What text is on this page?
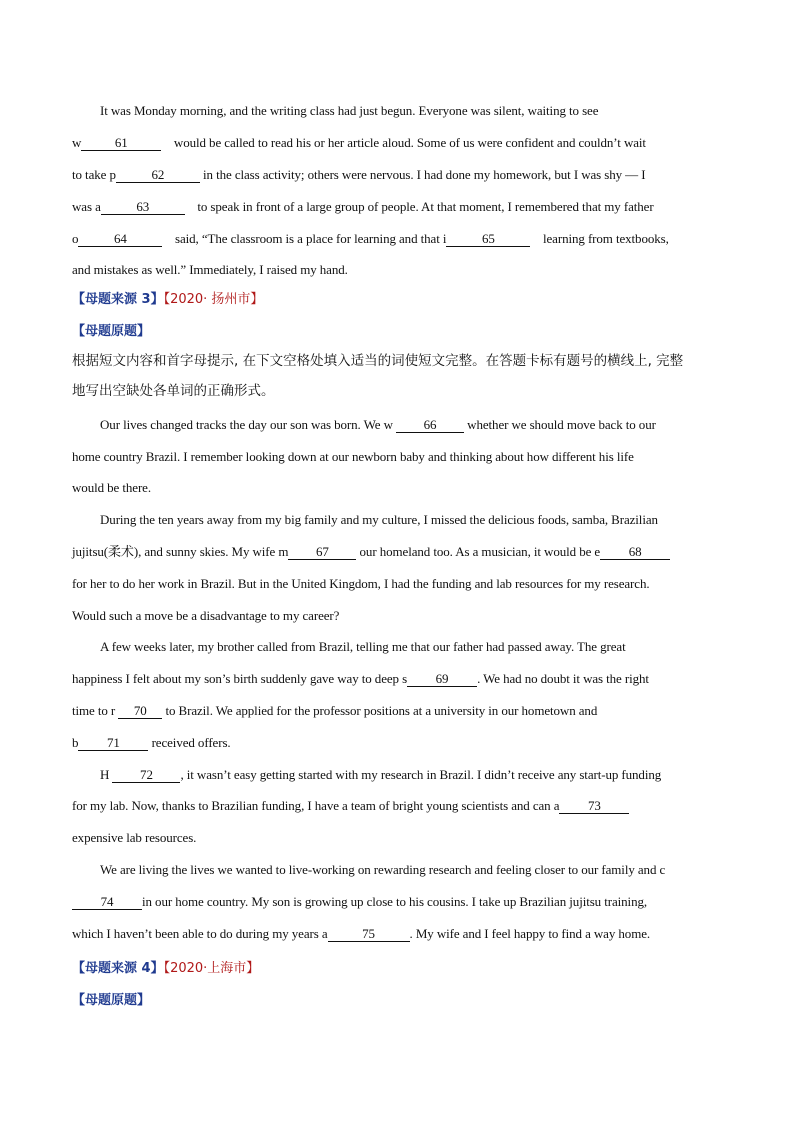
It was Monday morning, and the writing class had just begun. Everyone was silent, waiting to see
w	61	would be called to read his or her article aloud. Some of us were confident and couldn’t wait
to take p	62	in the class activity; others were nervous. I had done my homework, but I was shy — I
was a	63	to speak in front of a large group of people. At that moment, I remembered that my father
o	64	said, “The classroom is a place for learning and that i	65	learning from textbooks,
and mistakes as well.” Immediately, I raised my hand.
【母题来源 3】【2020· 扬州市】
【母题原题】
根据短文内容和首字母提示, 在下文空格处填入适当的词使短文完整。在答题卡标有题号的横线上, 完整
地写出空缺处各单词的正确形式。
Our lives changed tracks the day our son was born. We w 66 whether we should move back to our
home country Brazil. I remember looking down at our newborn baby and thinking about how different his life
would be there.
During the ten years away from my big family and my culture, I missed the delicious foods, samba, Brazilian
jujitsu(柔术), and sunny skies. My wife m 67 our homeland too. As a musician, it would be e 68
for her to do her work in Brazil. But in the United Kingdom, I had the funding and lab resources for my research.
Would such a move be a disadvantage to my career?
A few weeks later, my brother called from Brazil, telling me that our father had passed away. The great
happiness I felt about my son’s birth suddenly gave way to deep s 69 . We had no doubt it was the right
time to r 70 to Brazil. We applied for the professor positions at a university in our hometown and
b 71 received offers.
H 72 , it wasn’t easy getting started with my research in Brazil. I didn’t receive any start-up funding
for my lab. Now, thanks to Brazilian funding, I have a team of bright young scientists and can a 73
expensive lab resources.
We are living the lives we wanted to live-working on rewarding research and feeling closer to our family and c
74 in our home country. My son is growing up close to his cousins. I take up Brazilian jujitsu training,
which I haven’t been able to do during my years a	75	. My wife and I feel happy to find a way home.
【母题来源 4】【2020·上海市】
【母题原题】
